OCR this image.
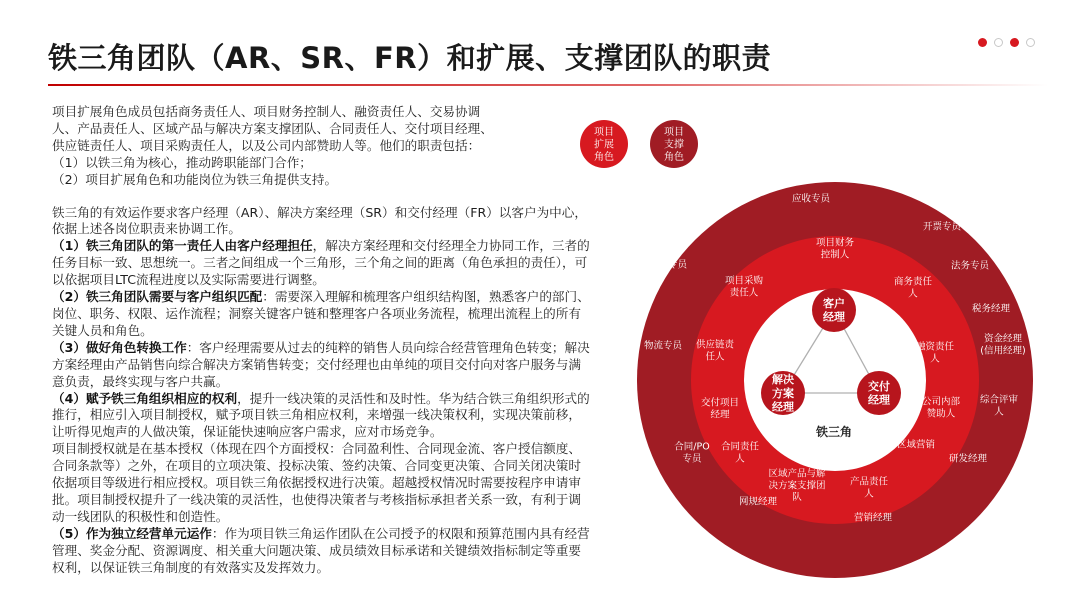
铁三角团队（AR、SR、FR）和扩展、支撑团队的职责

项目扩展角色成员包括商务责任人、项目财务控制人、融资责任人、交易协调

人、产品责任人、区域产品与解决方案支撑团队、合同责任人、交付项目经理、

供应链责任人、项目采购责任人，以及公司内部赞助人等。他们的职责包括：

（1）以铁三角为核心，推动跨职能部门合作；

（2）项目扩展角色和功能岗位为铁三角提供支持。

铁三角的有效运作要求客户经理（AR）、解决方案经理（SR）和交付经理（FR）以客户为中心，依据上述各岗位职责来协调工作。

（1）铁三角团队的第一责任人由客户经理担任，解决方案经理和交付经理全力协同工作，三者的任务目标一致、思想统一。三者之间组成一个三角形，三个角之间的距离（角色承担的责任），可以依据项目LTC流程进度以及实际需要进行调整。

（2）铁三角团队需要与客户组织匹配：需要深入理解和梳理客户组织结构图，熟悉客户的部门、岗位、职务、权限、运作流程；洞察关键客户链和整理客户各项业务流程，梳理出流程上的所有关键人员和角色。

（3）做好角色转换工作：客户经理需要从过去的纯粹的销售人员向综合经营管理角色转变；解决方案经理由产品销售向综合解决方案销售转变；交付经理也由单纯的项目交付向对客户服务与满意负责，最终实现与客户共赢。

（4）赋予铁三角组织相应的权利，提升一线决策的灵活性和及时性。华为结合铁三角组织形式的推行，相应引入项目制授权，赋予项目铁三角相应权利，来增强一线决策权利，实现决策前移，让听得见炮声的人做决策，保证能快速响应客户需求，应对市场竞争。

项目制授权就是在基本授权（体现在四个方面授权：合同盈利性、合同现金流、客户授信额度、合同条款等）之外，在项目的立项决策、投标决策、签约决策、合同变更决策、合同关闭决策时依据项目等级进行相应授权。项目铁三角依据授权进行决策。超越授权情况时需要按程序申请审批。项目制授权提升了一线决策的灵活性，也使得决策者与考核指标承担者关系一致，有利于调动一线团队的积极性和创造性。

（5）作为独立经营单元运作：作为项目铁三角运作团队在公司授予的权限和预算范围内具有经营管理、奖金分配、资源调度、相关重大问题决策、成员绩效目标承诺和关键绩效指标制定等重要权利，以保证铁三角制度的有效落实及发挥效力。

项目扩展角色
项目支撑角色
客户经理
解决方案经理
交付经理
铁三角
项目财务控制人
商务责任人
融资责任人
公司内部赞助人
区域营销
产品责任人
区域产品与解决方案支撑团队
合同责任人
交付项目经理
供应链责任人
项目采购责任人
应收专员
开票专员
法务专员
税务经理
资金经理(信用经理)
综合评审人
研发经理
营销经理
网规经理
合同/PO 专员
物流专员
采购专员
